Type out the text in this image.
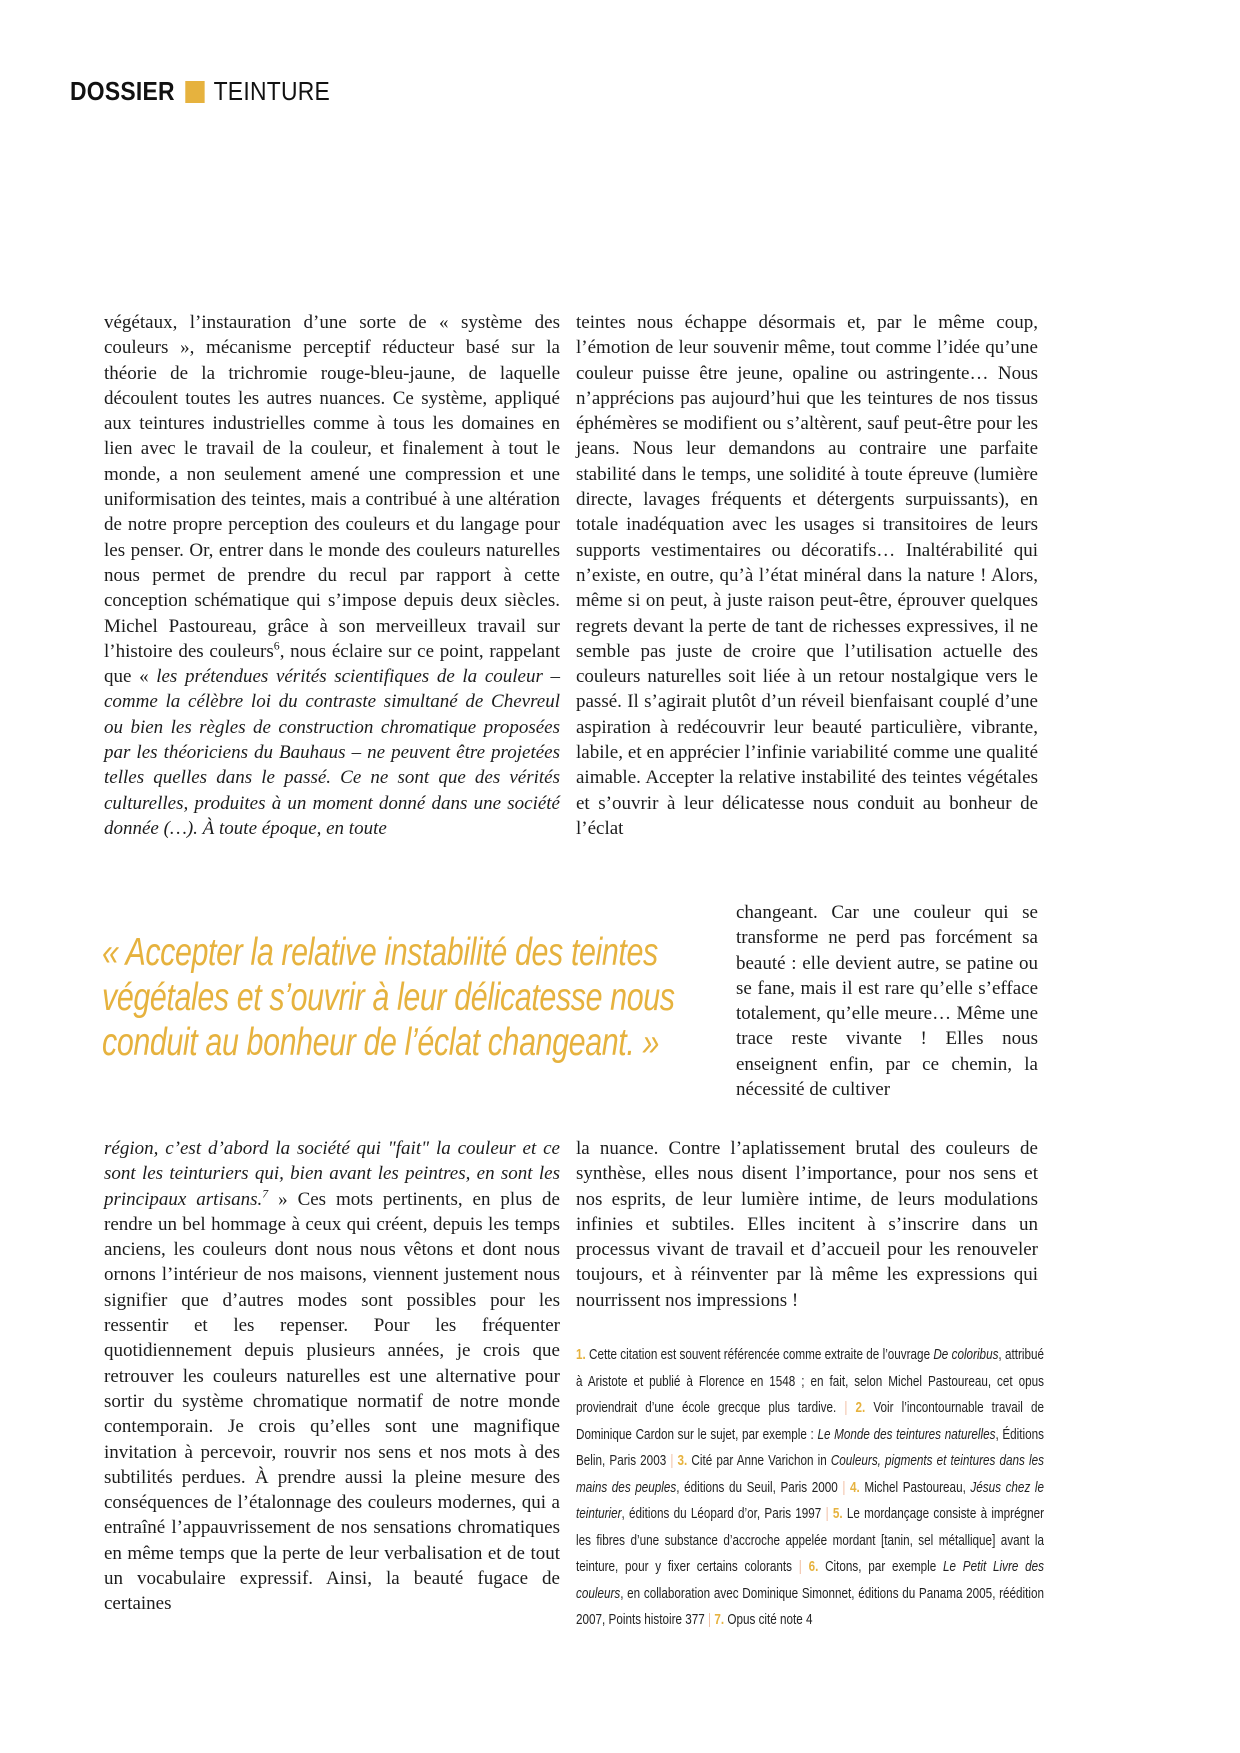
DOSSIER TEINTURE
végétaux, l’instauration d’une sorte de « système des couleurs », mécanisme perceptif réducteur basé sur la théorie de la trichromie rouge-bleu-jaune, de laquelle découlent toutes les autres nuances. Ce système, appliqué aux teintures industrielles comme à tous les domaines en lien avec le travail de la couleur, et finalement à tout le monde, a non seulement amené une compression et une uniformisation des teintes, mais a contribué à une altération de notre propre perception des couleurs et du langage pour les penser. Or, entrer dans le monde des couleurs naturelles nous permet de prendre du recul par rapport à cette conception schématique qui s’impose depuis deux siècles. Michel Pastoureau, grâce à son merveilleux travail sur l’histoire des couleurs$^6$, nous éclaire sur ce point, rappelant que « les prétendues vérités scientifiques de la couleur – comme la célèbre loi du contraste simultané de Chevreul ou bien les règles de construction chromatique proposées par les théoriciens du Bauhaus – ne peuvent être projetées telles quelles dans le passé. Ce ne sont que des vérités culturelles, produites à un moment donné dans une société donnée (…). À toute époque, en toute
teintes nous échappe désormais et, par le même coup, l’émotion de leur souvenir même, tout comme l’idée qu’une couleur puisse être jeune, opaline ou astringente… Nous n’apprécions pas aujourd’hui que les teintures de nos tissus éphémères se modifient ou s’altèrent, sauf peut-être pour les jeans. Nous leur demandons au contraire une parfaite stabilité dans le temps, une solidité à toute épreuve (lumière directe, lavages fréquents et détergents surpuissants), en totale inadéquation avec les usages si transitoires de leurs supports vestimentaires ou décoratifs… Inaltérabilité qui n’existe, en outre, qu’à l’état minéral dans la nature ! Alors, même si on peut, à juste raison peut-être, éprouver quelques regrets devant la perte de tant de richesses expressives, il ne semble pas juste de croire que l’utilisation actuelle des couleurs naturelles soit liée à un retour nostalgique vers le passé. Il s’agirait plutôt d’un réveil bienfaisant couplé d’une aspiration à redécouvrir leur beauté particulière, vibrante, labile, et en apprécier l’infinie variabilité comme une qualité aimable. Accepter la relative instabilité des teintes végétales et s’ouvrir à leur délicatesse nous conduit au bonheur de l’éclat
« Accepter la relative instabilité des teintes
végétales et s’ouvrir à leur délicatesse nous
conduit au bonheur de l’éclat changeant. »
changeant. Car une couleur qui se transforme ne perd pas forcément sa beauté : elle devient autre, se patine ou se fane, mais il est rare qu’elle s’efface totalement, qu’elle meure… Même une trace reste vivante ! Elles nous enseignent enfin, par ce chemin, la nécessité de cultiver
région, c’est d’abord la société qui "fait" la couleur et ce sont les teinturiers qui, bien avant les peintres, en sont les principaux artisans.$^7$ » Ces mots pertinents, en plus de rendre un bel hommage à ceux qui créent, depuis les temps anciens, les couleurs dont nous nous vêtons et dont nous ornons l’intérieur de nos maisons, viennent justement nous signifier que d’autres modes sont possibles pour les ressentir et les repenser. Pour les fréquenter quotidiennement depuis plusieurs années, je crois que retrouver les couleurs naturelles est une alternative pour sortir du système chromatique normatif de notre monde contemporain. Je crois qu’elles sont une magnifique invitation à percevoir, rouvrir nos sens et nos mots à des subtilités perdues. À prendre aussi la pleine mesure des conséquences de l’étalonnage des couleurs modernes, qui a entraîné l’appauvrissement de nos sensations chromatiques en même temps que la perte de leur verbalisation et de tout un vocabulaire expressif. Ainsi, la beauté fugace de certaines
la nuance. Contre l’aplatissement brutal des couleurs de synthèse, elles nous disent l’importance, pour nos sens et nos esprits, de leur lumière intime, de leurs modulations infinies et subtiles. Elles incitent à s’inscrire dans un processus vivant de travail et d’accueil pour les renouveler toujours, et à réinventer par là même les expressions qui nourrissent nos impressions !
1. Cette citation est souvent référencée comme extraite de l’ouvrage De coloribus, attribué à Aristote et publié à Florence en 1548 ; en fait, selon Michel Pastoureau, cet opus proviendrait d’une école grecque plus tardive. | 2. Voir l’incontournable travail de Dominique Cardon sur le sujet, par exemple : Le Monde des teintures naturelles, Éditions Belin, Paris 2003 | 3. Cité par Anne Varichon in Couleurs, pigments et teintures dans les mains des peuples, éditions du Seuil, Paris 2000 | 4. Michel Pastoureau, Jésus chez le teinturier, éditions du Léopard d’or, Paris 1997 | 5. Le mordançage consiste à imprégner les fibres d’une substance d’accroche appelée mordant [tanin, sel métallique] avant la teinture, pour y fixer certains colorants | 6. Citons, par exemple Le Petit Livre des couleurs, en collaboration avec Dominique Simonnet, éditions du Panama 2005, réédition 2007, Points histoire 377 | 7. Opus cité note 4
